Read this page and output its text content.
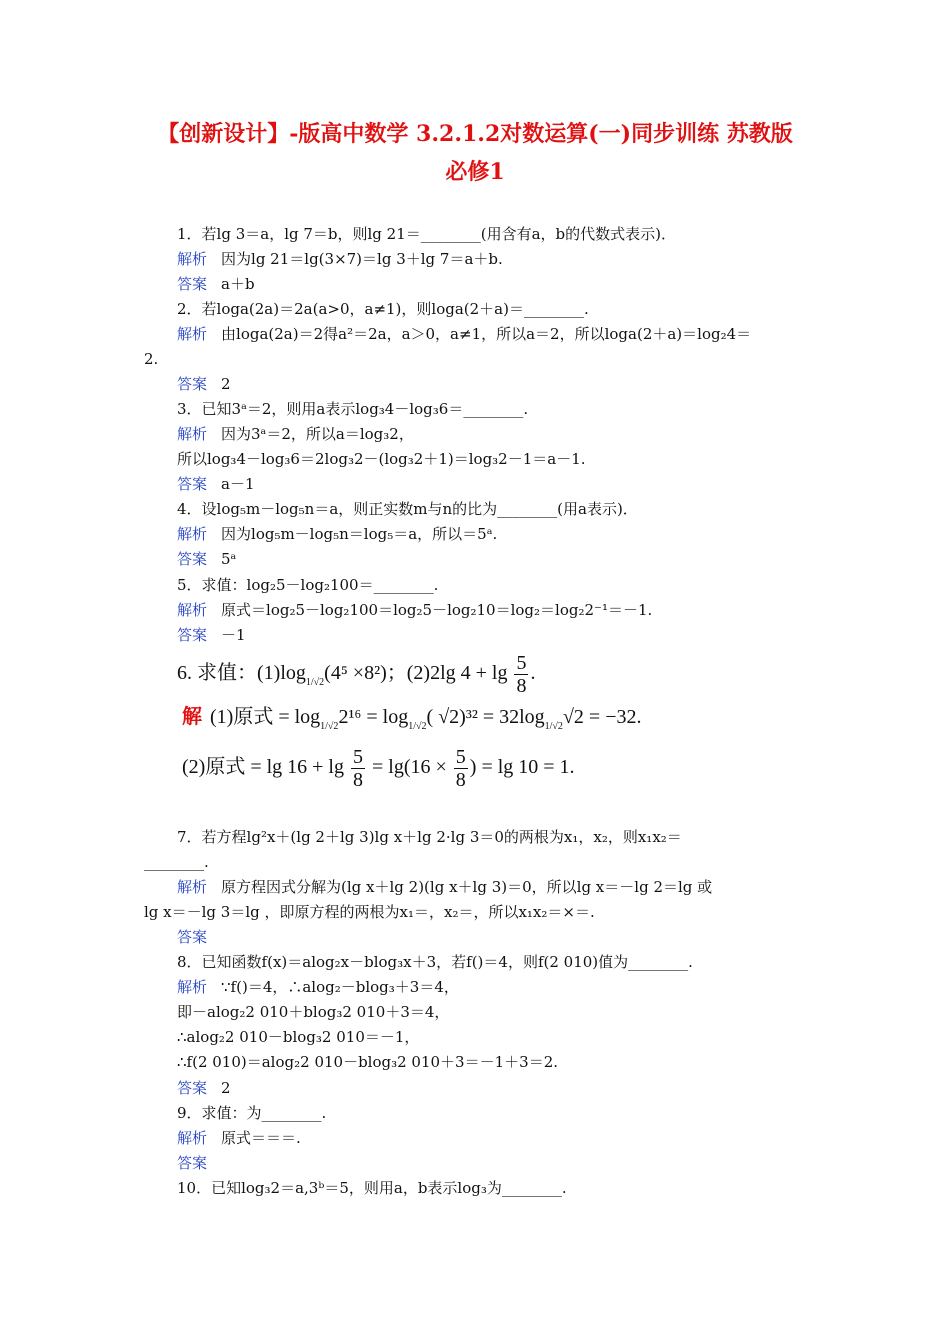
【创新设计】-版高中数学 3.2.1.2对数运算(一)同步训练 苏教版
必修1
1．若lg 3＝a，lg 7＝b，则lg 21＝________(用含有a，b的代数式表示)．
解析 因为lg 21＝lg(3×7)＝lg 3＋lg 7＝a＋b.
答案 a＋b
2．若loga(2a)＝2a(a>0，a≠1)，则loga(2＋a)＝________.
解析 由loga(2a)＝2得a²＝2a，a＞0，a≠1，所以a＝2，所以loga(2＋a)＝log₂4＝
2.
答案 2
3．已知3ᵃ＝2，则用a表示log₃4－log₃6＝________.
解析 因为3ᵃ＝2，所以a＝log₃2，
所以log₃4－log₃6＝2log₃2－(log₃2＋1)＝log₃2－1＝a－1.
答案 a－1
4．设log₅m－log₅n＝a，则正实数m与n的比为________(用a表示)．
解析 因为log₅m－log₅n＝log₅＝a，所以＝5ᵃ.
答案 5ᵃ
5．求值：log₂5－log₂100＝________.
解析 原式＝log₂5－log₂100＝log₂5－log₂10＝log₂＝log₂2⁻¹＝－1.
答案 －1
6. 求值：$(1)\log_{1/√2}(4^5 \times 8^2)$；(2)2lg $4 + \lg \frac{5}{8}$ .
解 (1)原式 = $\log_{1/√2}2^{16} = \log_{1/√2}$( $√2)^{32} = 32\log_{1/√2}√2 = -32$.
(2)原式 = $\lg 16 + \lg \frac{5}{8} = \lg(16 \times \frac{5}{8}$ ) = lg 10 = 1.
7．若方程lg²x＋(lg 2＋lg 3)lg x＋lg 2·lg 3＝0的两根为x₁，x₂，则x₁x₂＝
________.
解析 原方程因式分解为(lg x＋lg 2)(lg x＋lg 3)＝0，所以lg x＝－lg 2＝lg 或
lg x＝－lg 3＝lg ，即原方程的两根为x₁＝，x₂＝，所以x₁x₂＝×＝.
答案
8．已知函数f(x)＝alog₂x－blog₃x＋3，若f()＝4，则f(2 010)值为________.
解析 ∵f()＝4，∴alog₂－blog₃＋3＝4，
即－alog₂2 010＋blog₃2 010＋3＝4，
∴alog₂2 010－blog₃2 010＝－1，
∴f(2 010)＝alog₂2 010－blog₃2 010＋3＝－1＋3＝2.
答案 2
9．求值：为________.
解析 原式＝＝＝.
答案
10．已知log₃2＝a,3ᵇ＝5，则用a，b表示log₃为________.
